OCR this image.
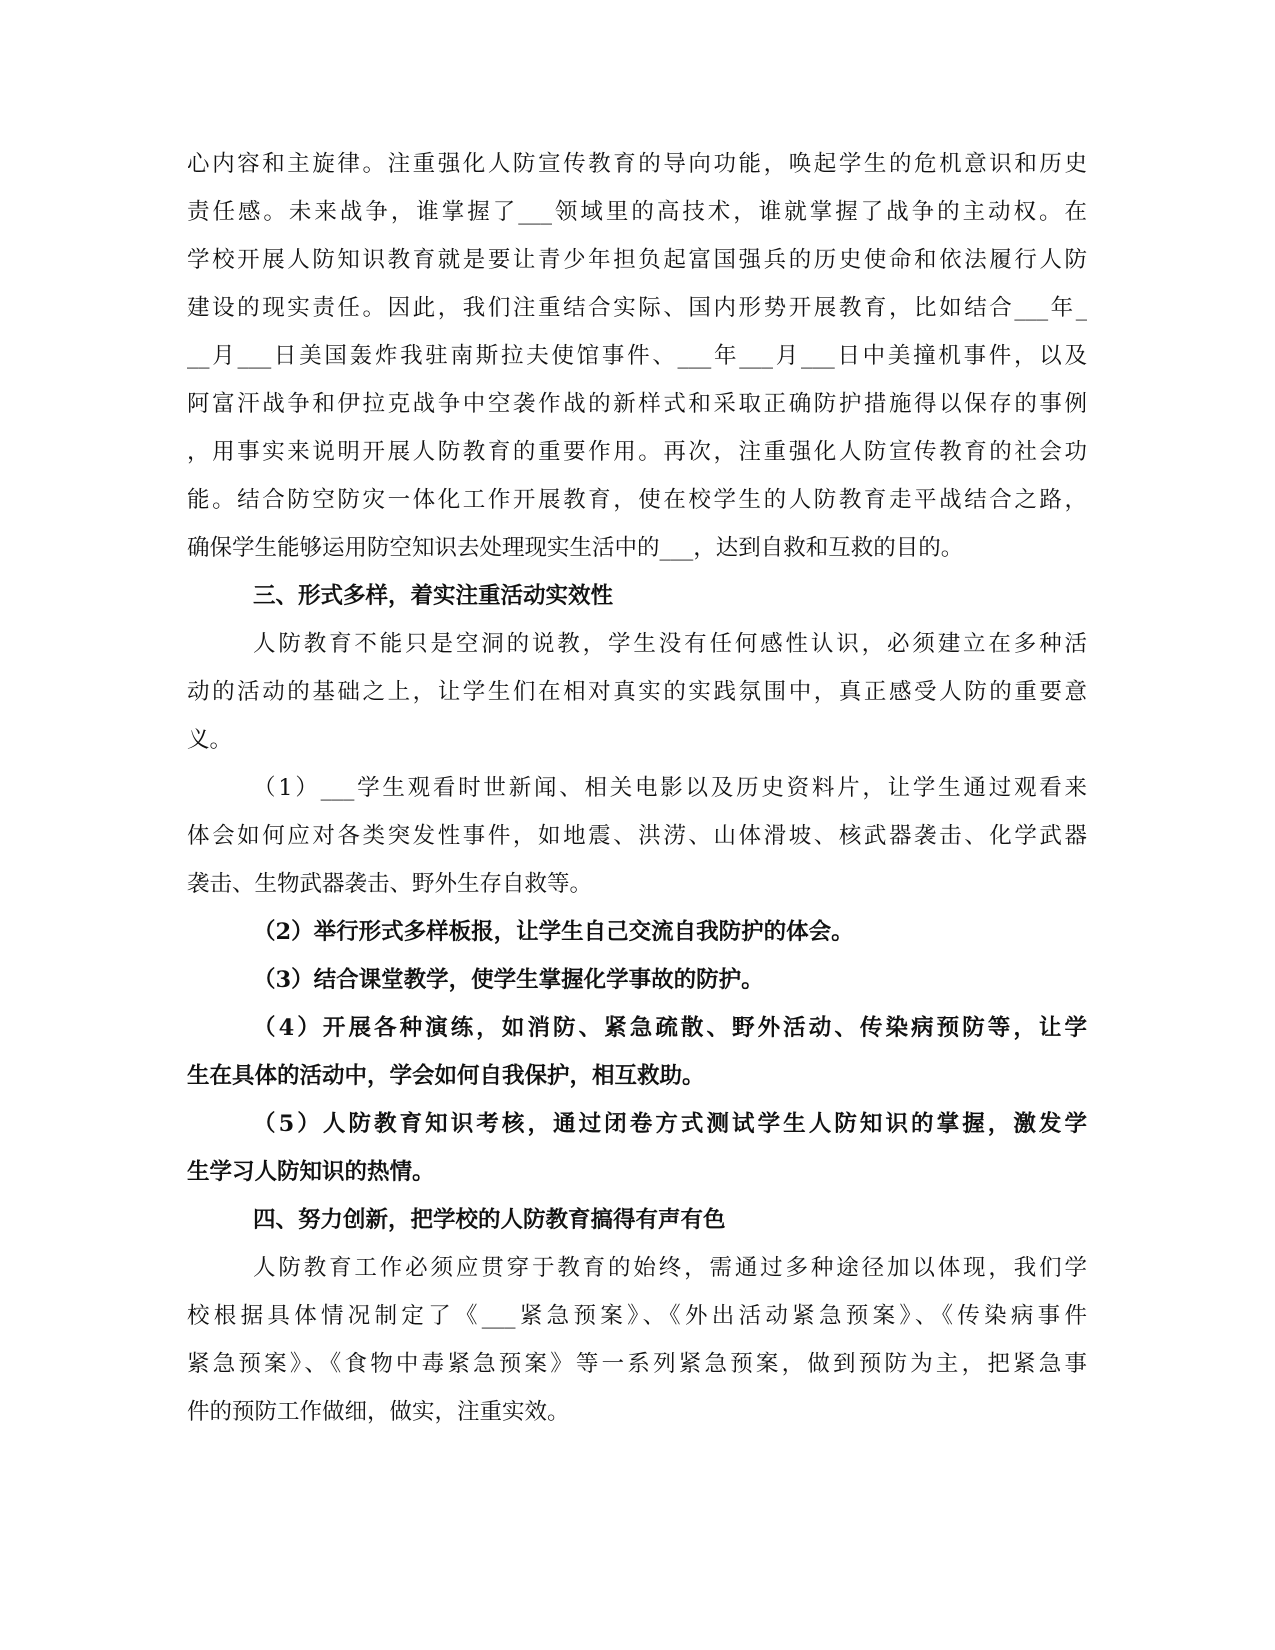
心内容和主旋律。注重强化人防宣传教育的导向功能，唤起学生的危机意识和历史
责任感。未来战争，谁掌握了___领域里的高技术，谁就掌握了战争的主动权。在
学校开展人防知识教育就是要让青少年担负起富国强兵的历史使命和依法履行人防
建设的现实责任。因此，我们注重结合实际、国内形势开展教育，比如结合___年_
__月___日美国轰炸我驻南斯拉夫使馆事件、___年___月___日中美撞机事件，以及
阿富汗战争和伊拉克战争中空袭作战的新样式和采取正确防护措施得以保存的事例
，用事实来说明开展人防教育的重要作用。再次，注重强化人防宣传教育的社会功
能。结合防空防灾一体化工作开展教育，使在校学生的人防教育走平战结合之路，
确保学生能够运用防空知识去处理现实生活中的___，达到自救和互救的目的。
三、形式多样，着实注重活动实效性
人防教育不能只是空洞的说教，学生没有任何感性认识，必须建立在多种活
动的活动的基础之上，让学生们在相对真实的实践氛围中，真正感受人防的重要意
义。
（1）___学生观看时世新闻、相关电影以及历史资料片，让学生通过观看来
体会如何应对各类突发性事件，如地震、洪涝、山体滑坡、核武器袭击、化学武器
袭击、生物武器袭击、野外生存自救等。
（2）举行形式多样板报，让学生自己交流自我防护的体会。
（3）结合课堂教学，使学生掌握化学事故的防护。
（4）开展各种演练，如消防、紧急疏散、野外活动、传染病预防等，让学
生在具体的活动中，学会如何自我保护，相互救助。
（5）人防教育知识考核，通过闭卷方式测试学生人防知识的掌握，激发学
生学习人防知识的热情。
四、努力创新，把学校的人防教育搞得有声有色
人防教育工作必须应贯穿于教育的始终，需通过多种途径加以体现，我们学
校根据具体情况制定了《___紧急预案》、《外出活动紧急预案》、《传染病事件
紧急预案》、《食物中毒紧急预案》等一系列紧急预案，做到预防为主，把紧急事
件的预防工作做细，做实，注重实效。
